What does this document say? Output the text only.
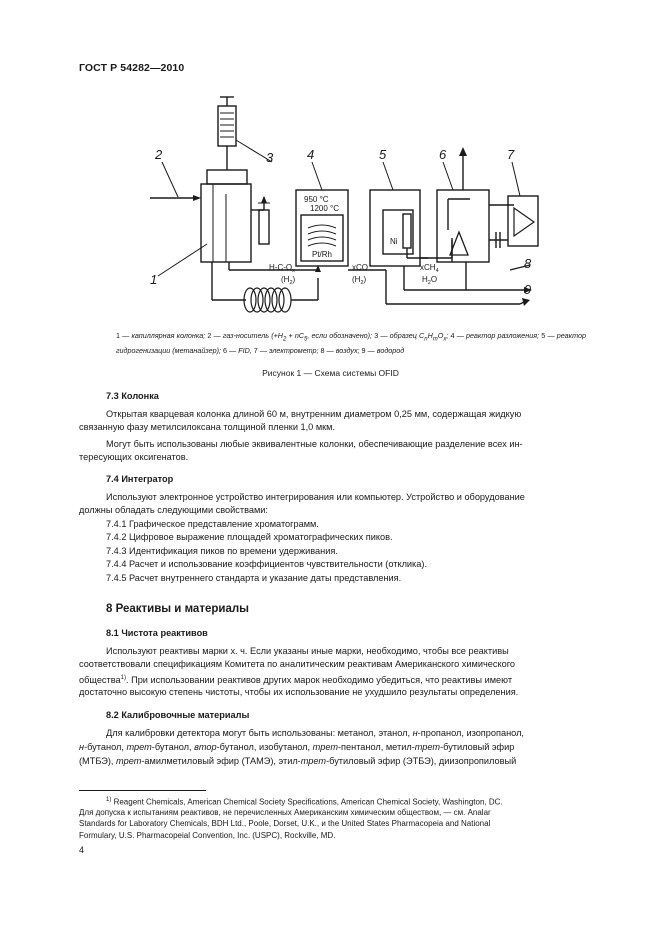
ГОСТ Р 54282—2010
2	3	4	5	6	7
8
9
1
950 °С
1200 °С
Pt/Rh
Ni
$Н-С-О_х$
$(Н_2)$
xCO
$(Н_2)$
хСН$_4$
$Н_2О$
1 — капиллярная колонка; 2 — газ-носитель ($+Н_2 + nC_5$, если обозначено); 3 — образец $С_nН_mО_x$; 4 — реактор разложения; 5 — реактор гидрогенизации (метанайзер); 6 — FID, 7 — электрометр; 8 — воздух; 9 — водород
Рисунок 1 — Схема системы OFID
7.3 Колонка
Открытая кварцевая колонка длиной 60 м, внутренним диаметром 0,25 мм, содержащая жидкую
связанную фазу метилсилоксана толщиной пленки 1,0 мкм.
Могут быть использованы любые эквивалентные колонки, обеспечивающие разделение всех ин-
тересующих оксигенатов.
7.4 Интегратор
Используют электронное устройство интегрирования или компьютер. Устройство и оборудование
должны обладать следующими свойствами:
7.4.1 Графическое представление хроматограмм.
7.4.2 Цифровое выражение площадей хроматографических пиков.
7.4.3 Идентификация пиков по времени удерживания.
7.4.4 Расчет и использование коэффициентов чувствительности (отклика).
7.4.5 Расчет внутреннего стандарта и указание даты представления.
8 Реактивы и материалы
8.1 Чистота реактивов
Используют реактивы марки х. ч. Если указаны иные марки, необходимо, чтобы все реактивы
соответствовали спецификациям Комитета по аналитическим реактивам Американского химического
общества$^{1)}$. При использовании реактивов других марок необходимо убедиться, что реактивы имеют
достаточно высокую степень чистоты, чтобы их использование не ухудшило результаты определения.
8.2 Калибровочные материалы
Для калибровки детектора могут быть использованы: метанол, этанол, н-пропанол, изопропанол,
н-бутанол, трет-бутанол, втор-бутанол, изобутанол, трет-пентанол, метил-трет-бутиловый эфир
(МТБЭ), трет-амилметиловый эфир (ТАМЭ), этил-трет-бутиловый эфир (ЭТБЭ), диизопропиловый
$^{1)}$ Reagent Chemicals, American Chemical Society Specifications, American Chemical Society, Washington, DC.
Для допуска к испытаниям реактивов, не перечисленных Американским химическим обществом, — см. Analar
Standards for Laboratory Chemicals, BDH Ltd., Poole, Dorset, U.K., и the United States Pharmacopeia and National
Formulary, U.S. Pharmacopeial Convention, Inc. (USPC), Rockville, MD.
4
